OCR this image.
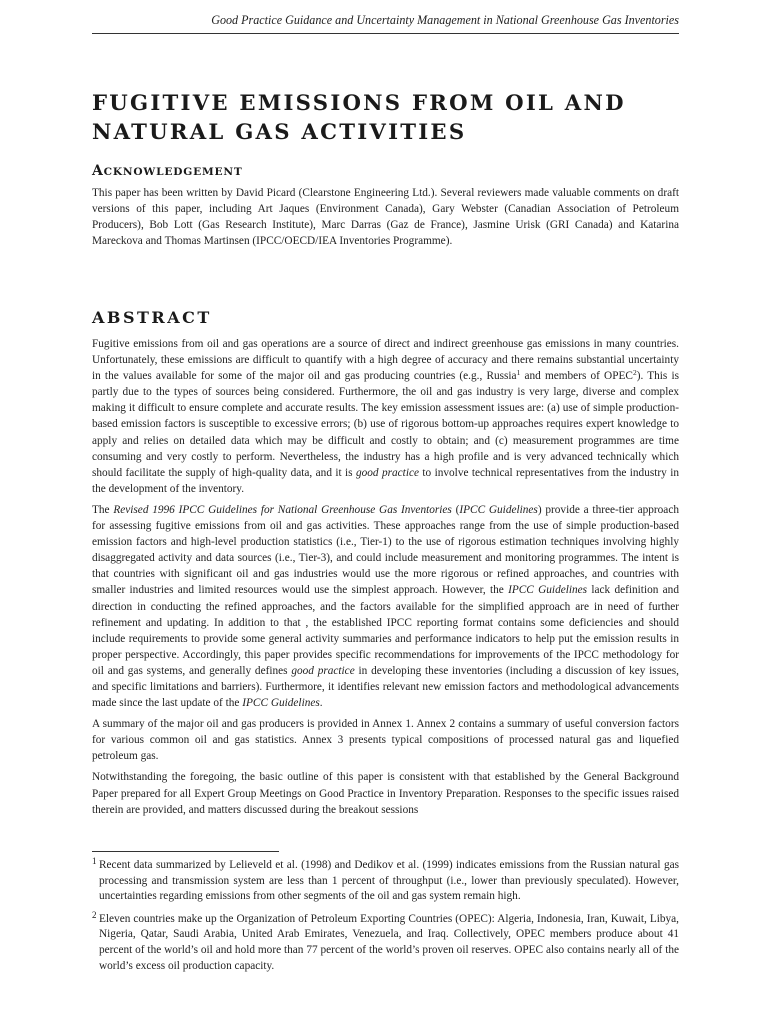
Good Practice Guidance and Uncertainty Management in National Greenhouse Gas Inventories
FUGITIVE EMISSIONS FROM OIL AND
NATURAL GAS ACTIVITIES
ACKNOWLEDGEMENT

This paper has been written by David Picard (Clearstone Engineering Ltd.). Several reviewers made valuable comments on draft versions of this paper, including Art Jaques (Environment Canada), Gary Webster (Canadian Association of Petroleum Producers), Bob Lott (Gas Research Institute), Marc Darras (Gaz de France), Jasmine Urisk (GRI Canada) and Katarina Mareckova and Thomas Martinsen (IPCC/OECD/IEA Inventories Programme).

ABSTRACT

Fugitive emissions from oil and gas operations are a source of direct and indirect greenhouse gas emissions in many countries. Unfortunately, these emissions are difficult to quantify with a high degree of accuracy and there remains substantial uncertainty in the values available for some of the major oil and gas producing countries (e.g., Russia$^1$ and members of OPEC$^2$). This is partly due to the types of sources being considered. Furthermore, the oil and gas industry is very large, diverse and complex making it difficult to ensure complete and accurate results. The key emission assessment issues are: (a) use of simple production-based emission factors is susceptible to excessive errors; (b) use of rigorous bottom-up approaches requires expert knowledge to apply and relies on detailed data which may be difficult and costly to obtain; and (c) measurement programmes are time consuming and very costly to perform. Nevertheless, the industry has a high profile and is very advanced technically which should facilitate the supply of high-quality data, and it is good practice to involve technical representatives from the industry in the development of the inventory.

The Revised 1996 IPCC Guidelines for National Greenhouse Gas Inventories (IPCC Guidelines) provide a three-tier approach for assessing fugitive emissions from oil and gas activities. These approaches range from the use of simple production-based emission factors and high-level production statistics (i.e., Tier-1) to the use of rigorous estimation techniques involving highly disaggregated activity and data sources (i.e., Tier-3), and could include measurement and monitoring programmes. The intent is that countries with significant oil and gas industries would use the more rigorous or refined approaches, and countries with smaller industries and limited resources would use the simplest approach. However, the IPCC Guidelines lack definition and direction in conducting the refined approaches, and the factors available for the simplified approach are in need of further refinement and updating. In addition to that , the established IPCC reporting format contains some deficiencies and should include requirements to provide some general activity summaries and performance indicators to help put the emission results in proper perspective. Accordingly, this paper provides specific recommendations for improvements of the IPCC methodology for oil and gas systems, and generally defines good practice in developing these inventories (including a discussion of key issues, and specific limitations and barriers). Furthermore, it identifies relevant new emission factors and methodological advancements made since the last update of the IPCC Guidelines.

A summary of the major oil and gas producers is provided in Annex 1. Annex 2 contains a summary of useful conversion factors for various common oil and gas statistics. Annex 3 presents typical compositions of processed natural gas and liquefied petroleum gas.

Notwithstanding the foregoing, the basic outline of this paper is consistent with that established by the General Background Paper prepared for all Expert Group Meetings on Good Practice in Inventory Preparation. Responses to the specific issues raised therein are provided, and matters discussed during the breakout sessions

1 Recent data summarized by Lelieveld et al. (1998) and Dedikov et al. (1999) indicates emissions from the Russian natural gas processing and transmission system are less than 1 percent of throughput (i.e., lower than previously speculated). However, uncertainties regarding emissions from other segments of the oil and gas system remain high.
2 Eleven countries make up the Organization of Petroleum Exporting Countries (OPEC): Algeria, Indonesia, Iran, Kuwait, Libya, Nigeria, Qatar, Saudi Arabia, United Arab Emirates, Venezuela, and Iraq. Collectively, OPEC members produce about 41 percent of the world’s oil and hold more than 77 percent of the world’s proven oil reserves. OPEC also contains nearly all of the world’s excess oil production capacity.
